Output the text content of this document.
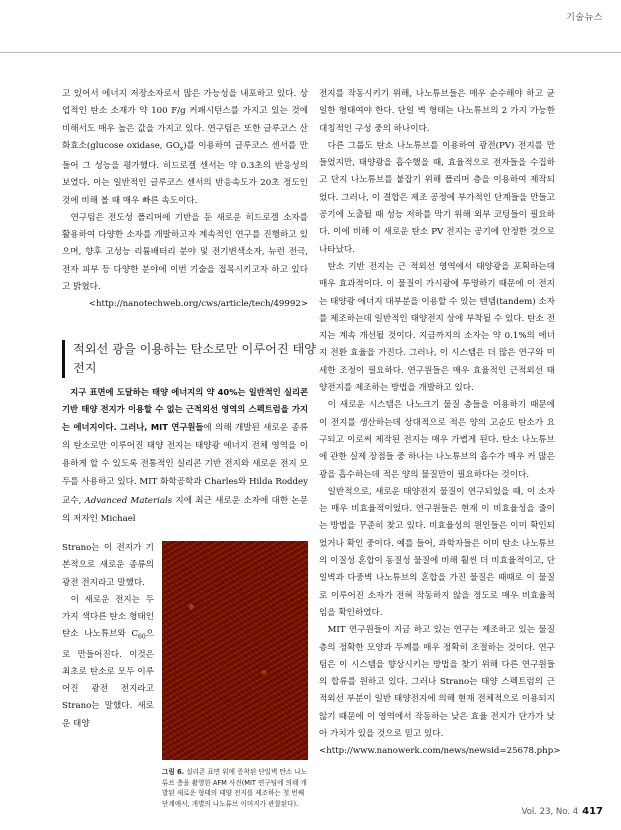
기술뉴스

고 있어서 에너지 저장소자로서 많은 가능성을 내포하고 있다. 상업적인 탄소 소재가 약 100 F/g 커패시턴스를 가지고 있는 것에 비해서도 매우 높은 값을 가지고 있다. 연구팀은 또한 글루코스 산화효소(glucose oxidase, $GO_x$)를 이용하여 글루코스 센서를 만들어 그 성능을 평가했다. 히드로겔 센서는 약 0.3초의 반응성의 보였다. 이는 일반적인 글루코스 센서의 반응속도가 20초 정도인 것에 비해 볼 때 매우 빠른 속도이다.

연구팀은 전도성 폴리머에 기반을 둔 새로운 히드로겔 소자를 활용하여 다양한 소자를 개발하고자 계속적인 연구를 진행하고 있으며, 향후 고성능 리튬배터리 분야 및 전기변색소자, 뉴런 전극, 전자 피부 등 다양한 분야에 이번 기술을 접목시키고자 하고 있다고 밝혔다.

<http://nanotechweb.org/cws/article/tech/49992>
적외선 광을 이용하는 탄소로만 이루어진 태양 전지

지구 표면에 도달하는 태양 에너지의 약 40%는 일반적인 실리콘 기반 태양 전지가 이용할 수 없는 근적외선 영역의 스펙트럼을 가지는 에너지이다. 그러나, MIT 연구원들에 의해 개발된 새로운 종류의 탄소로만 이루어진 태양 전지는 태양광 에너지 전체 영역을 이용하게 할 수 있도록 전통적인 실리콘 기반 전지와 새로운 전지 모두를 사용하고 있다. MIT 화학공학과 Charles와 Hilda Roddey 교수, Advanced Materials 지에 최근 새로운 소자에 대한 논문의 저자인 Michael

Strano는 이 전지가 기본적으로 새로운 종류의 광전 전지라고 말했다.

이 새로운 전지는 두 가지 색다른 탄소 형태인 탄소 나노튜브와 $C_{60}$으로 만들어진다. 이것은 최초로 탄소로 모두 이루어진 광전 전지라고 Strano는 말했다. 새로운 태양

그림 6. 실리콘 표면 위에 증착된 단일벽 탄소 나노튜브 층을 촬영한 AFM 사진(MIT 연구팀에 의해 개발된 새로운 형태의 태양 전지를 제조하는 첫 번째 단계에서, 개별의 나노튜브 이미지가 관찰된다).

전지를 작동시키기 위해, 나노튜브들은 매우 순수해야 하고 균일한 형태여야 한다. 단일 벽 형태는 나노튜브의 2 가지 가능한 대칭적인 구성 중의 하나이다.

다른 그룹도 탄소 나노튜브를 이용하여 광전(PV) 전지를 만들었지만, 태양광을 흡수했을 때, 효율적으로 전자들을 수집하고 단지 나노튜브를 붙잡기 위해 폴리머 층을 이용하여 제작되었다. 그러나, 이 결합은 제조 공정에 부가적인 단계들을 만들고 공기에 노출될 때 성능 저하를 막기 위해 외부 코팅들이 필요하다. 이에 비해 이 새로운 탄소 PV 전지는 공기에 안정한 것으로 나타났다.

탄소 기반 전지는 근 적외선 영역에서 태양광을 포획하는데 매우 효과적이다. 이 물질이 가시광에 투명하기 때문에 이 전지는 태양광 에너지 대부분을 이용할 수 있는 텐뎀(tandem) 소자를 제조하는데 일반적인 태양전지 상에 부착될 수 있다. 탄소 전지는 계속 개선될 것이다. 지금까지의 소자는 약 0.1%의 에너지 전환 효율을 가진다. 그러나, 이 시스템은 더 많은 연구와 미세한 조정이 필요하다. 연구원들은 매우 효율적인 근적외선 태양전지를 제조하는 방법을 개발하고 있다.

이 새로운 시스템은 나노크기 물질 층들을 이용하기 때문에 이 전지를 생산하는데 상대적으로 적은 양의 고순도 탄소가 요구되고 이로써 제작된 전지는 매우 가볍게 된다. 탄소 나노튜브에 관한 실제 장점들 중 하나는 나노튜브의 흡수가 매우 커 많은 광을 흡수하는데 적은 양의 물질만이 필요하다는 것이다.

일반적으로, 새로운 태양전지 물질이 연구되었을 때, 이 소자는 매우 비효율적이었다. 연구원들은 현재 이 비효율성을 줄이는 방법을 꾸준히 찾고 있다. 비효율성의 원인들은 이미 확인되었거나 확인 중이다. 예를 들어, 과학자들은 이미 탄소 나노튜브의 이질성 혼합이 동질성 물질에 비해 훨씬 더 비효율적이고, 단일벽과 다중벽 나노튜브의 혼합을 가진 물질은 때때로 이 물질로 이루어진 소자가 전혀 작동하지 않을 정도로 매우 비효율적임을 확인하였다.

MIT 연구원들이 지금 하고 있는 연구는 제조하고 있는 물질 층의 정확한 모양과 두께를 매우 정확히 조절하는 것이다. 연구팀은 이 시스템을 향상시키는 방법을 찾기 위해 다른 연구원들의 합류를 원하고 있다. 그러나 Strano는 태양 스펙트럼의 근적외선 부분이 일반 태양전지에 의해 현재 전체적으로 이용되지 않기 때문에 이 영역에서 작동하는 낮은 효율 전지가 단가가 낮아 가치가 있을 것으로 믿고 있다.

<http://www.nanowerk.com/news/newsid=25678.php>
Vol. 23, No. 4 417
